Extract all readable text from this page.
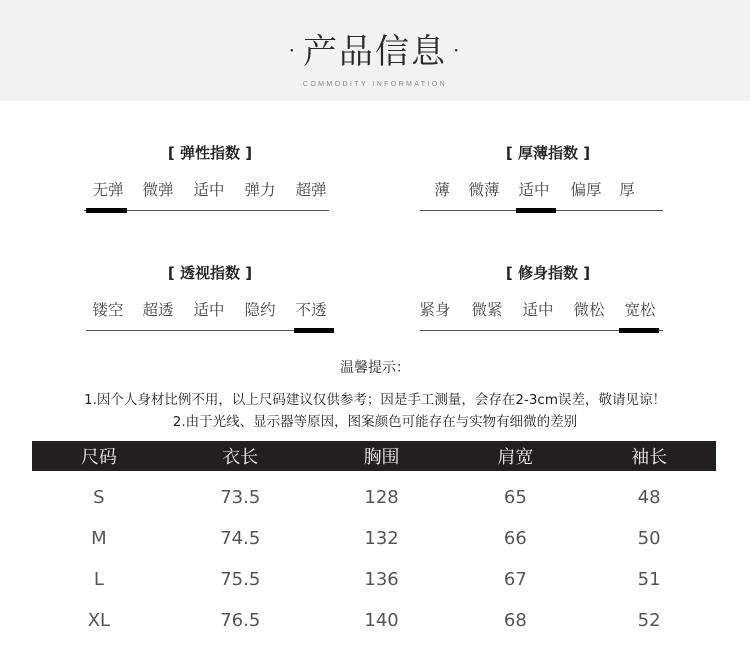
· 产品信息 ·
COMMODITY INFORMATION
[ 弹性指数 ]
无弹	微弹	适中	弹力	超弹
[ 厚薄指数 ]
薄	微薄	适中	偏厚	厚
[ 透视指数 ]
镂空	超透	适中	隐约	不透
[ 修身指数 ]
紧身	微紧	适中	微松	宽松
温馨提示：
1.因个人身材比例不用，以上尺码建议仅供参考；因是手工测量，会存在2-3cm误差，敬请见谅！
2.由于光线、显示器等原因，图案颜色可能存在与实物有细微的差别
尺码	衣长	胸围	肩宽	袖长
S	73.5	128	65	48
M	74.5	132	66	50
L	75.5	136	67	51
XL	76.5	140	68	52
